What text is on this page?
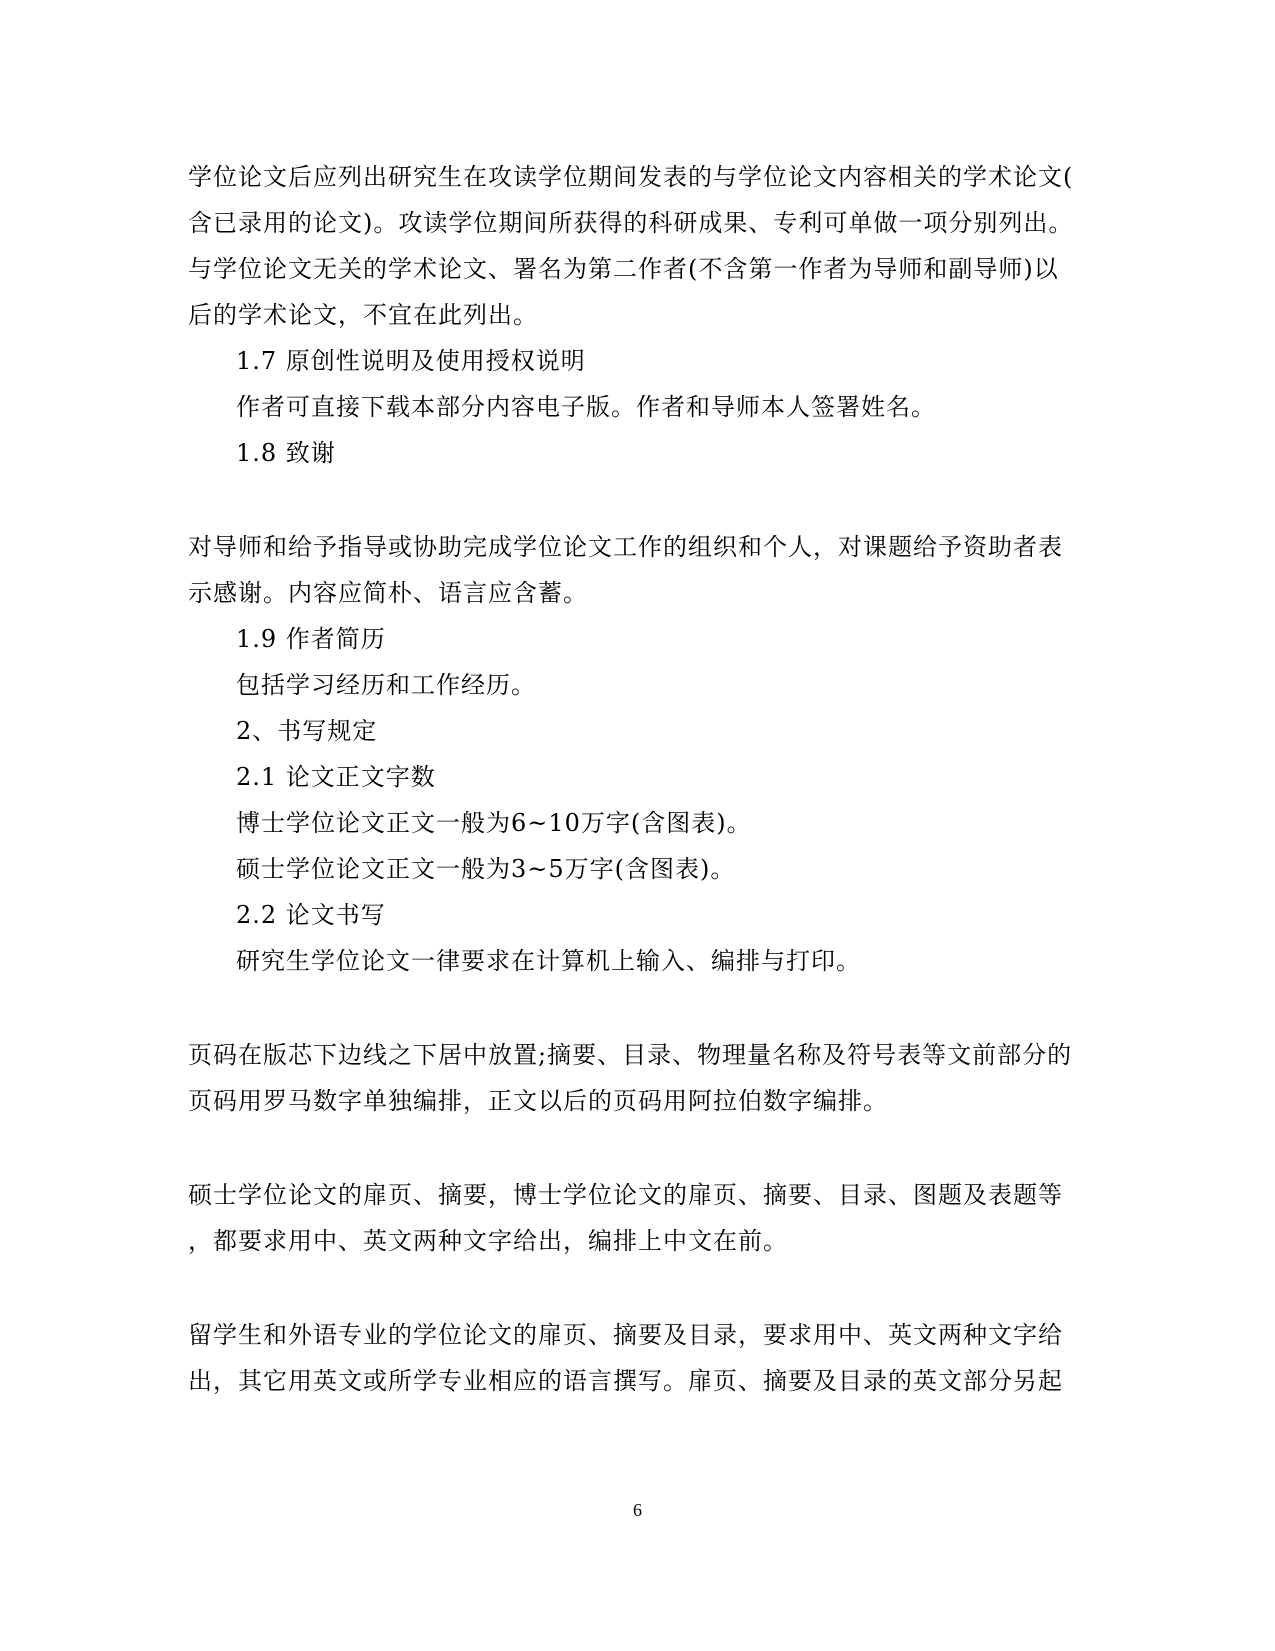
学位论文后应列出研究生在攻读学位期间发表的与学位论文内容相关的学术论文(
含已录用的论文)。攻读学位期间所获得的科研成果、专利可单做一项分别列出。
与学位论文无关的学术论文、署名为第二作者(不含第一作者为导师和副导师)以
后的学术论文，不宜在此列出。
1.7 原创性说明及使用授权说明
作者可直接下载本部分内容电子版。作者和导师本人签署姓名。
1.8 致谢
对导师和给予指导或协助完成学位论文工作的组织和个人，对课题给予资助者表
示感谢。内容应简朴、语言应含蓄。
1.9 作者简历
包括学习经历和工作经历。
2、书写规定
2.1 论文正文字数
博士学位论文正文一般为6~10万字(含图表)。
硕士学位论文正文一般为3~5万字(含图表)。
2.2 论文书写
研究生学位论文一律要求在计算机上输入、编排与打印。
页码在版芯下边线之下居中放置;摘要、目录、物理量名称及符号表等文前部分的
页码用罗马数字单独编排，正文以后的页码用阿拉伯数字编排。
硕士学位论文的扉页、摘要，博士学位论文的扉页、摘要、目录、图题及表题等
，都要求用中、英文两种文字给出，编排上中文在前。
留学生和外语专业的学位论文的扉页、摘要及目录，要求用中、英文两种文字给
出，其它用英文或所学专业相应的语言撰写。扉页、摘要及目录的英文部分另起
6
